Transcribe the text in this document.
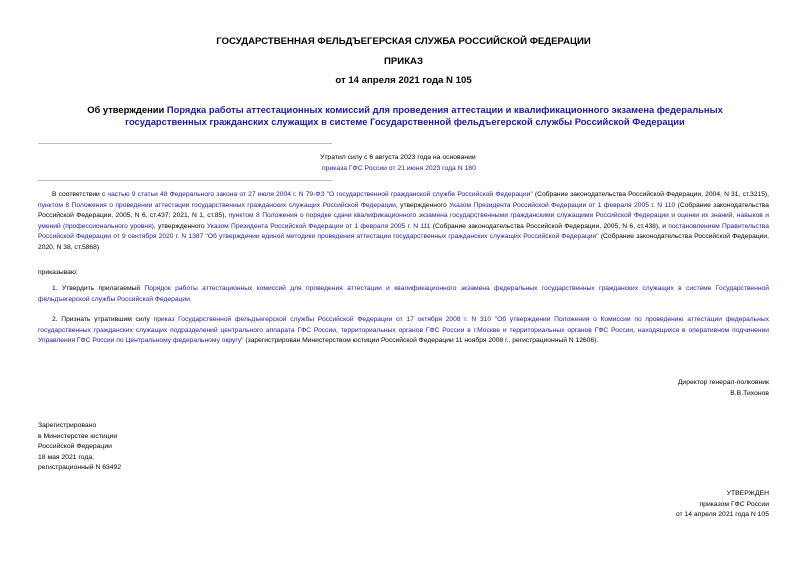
ГОСУДАРСТВЕННАЯ ФЕЛЬДЪЕГЕРСКАЯ СЛУЖБА РОССИЙСКОЙ ФЕДЕРАЦИИ
ПРИКАЗ
от 14 апреля 2021 года N 105
Об утверждении Порядка работы аттестационных комиссий для проведения аттестации и квалификационного экзамена федеральных государственных гражданских служащих в системе Государственной фельдъегерской службы Российской Федерации
Утратил силу с 6 августа 2023 года на основании
приказа ГФС России от 21 июня 2023 года N 180
В соответствии с частью 9 статьи 48 Федерального закона от 27 июля 2004 г. N 79-ФЗ "О государственной гражданской службе Российской Федерации" (Собрание законодательства Российской Федерации, 2004, N 31, ст.3215), пунктом 8 Положения о проведении аттестации государственных гражданских служащих Российской Федерации, утвержденного Указом Президента Российской Федерации от 1 февраля 2005 г. N 110 (Собрание законодательства Российской Федерации, 2005, N 6, ст.437; 2021, N 1, ст.85), пунктом 8 Положения о порядке сдачи квалификационного экзамена государственными гражданскими служащими Российской Федерации и оценки их знаний, навыков и умений (профессионального уровня), утвержденного Указом Президента Российской Федерации от 1 февраля 2005 г. N 111 (Собрание законодательства Российской Федерации, 2005, N 6, ст.438), и постановлением Правительства Российской Федерации от 9 сентября 2020 г. N 1387 "Об утверждении единой методики проведения аттестации государственных гражданских служащих Российской Федерации" (Собрание законодательства Российской Федерации, 2020, N 38, ст.5868)
приказываю:
1. Утвердить прилагаемый Порядок работы аттестационных комиссий для проведения аттестации и квалификационного экзамена федеральных государственных гражданских служащих в системе Государственной фельдъегерской службы Российской Федерации.
2. Признать утратившим силу приказ Государственной фельдъегерской службы Российской Федерации от 17 октября 2008 г. N 310 "Об утверждении Положения о Комиссии по проведению аттестации федеральных государственных гражданских служащих подразделений центрального аппарата ГФС России, территориальных органов ГФС России в г.Москве и территориальных органов ГФС России, находящихся в оперативном подчинении Управления ГФС России по Центральному федеральному округу" (зарегистрирован Министерством юстиции Российской Федерации 11 ноября 2008 г., регистрационный N 12606).
Директор генерал-полковник
В.В.Тихонов
Зарегистрировано
в Министерстве юстиции
Российской Федерации
18 мая 2021 года,
регистрационный N 63492
УТВЕРЖДЕН
приказом ГФС России
от 14 апреля 2021 года N 105
